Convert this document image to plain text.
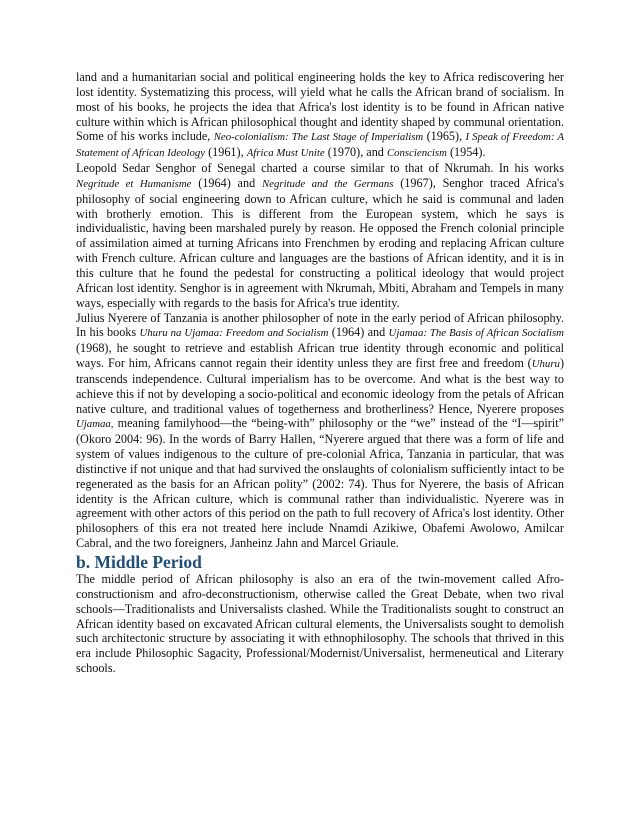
land and a humanitarian social and political engineering holds the key to Africa rediscovering her lost identity. Systematizing this process, will yield what he calls the African brand of socialism. In most of his books, he projects the idea that Africa's lost identity is to be found in African native culture within which is African philosophical thought and identity shaped by communal orientation. Some of his works include, Neo-colonialism: The Last Stage of Imperialism (1965), I Speak of Freedom: A Statement of African Ideology (1961), Africa Must Unite (1970), and Consciencism (1954).

Leopold Sedar Senghor of Senegal charted a course similar to that of Nkrumah. In his works Negritude et Humanisme (1964) and Negritude and the Germans (1967), Senghor traced Africa's philosophy of social engineering down to African culture, which he said is communal and laden with brotherly emotion. This is different from the European system, which he says is individualistic, having been marshaled purely by reason. He opposed the French colonial principle of assimilation aimed at turning Africans into Frenchmen by eroding and replacing African culture with French culture. African culture and languages are the bastions of African identity, and it is in this culture that he found the pedestal for constructing a political ideology that would project African lost identity. Senghor is in agreement with Nkrumah, Mbiti, Abraham and Tempels in many ways, especially with regards to the basis for Africa's true identity.

Julius Nyerere of Tanzania is another philosopher of note in the early period of African philosophy. In his books Uhuru na Ujamaa: Freedom and Socialism (1964) and Ujamaa: The Basis of African Socialism (1968), he sought to retrieve and establish African true identity through economic and political ways. For him, Africans cannot regain their identity unless they are first free and freedom (Uhuru) transcends independence. Cultural imperialism has to be overcome. And what is the best way to achieve this if not by developing a socio-political and economic ideology from the petals of African native culture, and traditional values of togetherness and brotherliness? Hence, Nyerere proposes Ujamaa, meaning familyhood—the “being-with” philosophy or the “we” instead of the “I—spirit” (Okoro 2004: 96). In the words of Barry Hallen, “Nyerere argued that there was a form of life and system of values indigenous to the culture of pre-colonial Africa, Tanzania in particular, that was distinctive if not unique and that had survived the onslaughts of colonialism sufficiently intact to be regenerated as the basis for an African polity” (2002: 74). Thus for Nyerere, the basis of African identity is the African culture, which is communal rather than individualistic. Nyerere was in agreement with other actors of this period on the path to full recovery of Africa's lost identity. Other philosophers of this era not treated here include Nnamdi Azikiwe, Obafemi Awolowo, Amilcar Cabral, and the two foreigners, Janheinz Jahn and Marcel Griaule.

b. Middle Period

The middle period of African philosophy is also an era of the twin-movement called Afro-constructionism and afro-deconstructionism, otherwise called the Great Debate, when two rival schools—Traditionalists and Universalists clashed. While the Traditionalists sought to construct an African identity based on excavated African cultural elements, the Universalists sought to demolish such architectonic structure by associating it with ethnophilosophy. The schools that thrived in this era include Philosophic Sagacity, Professional/Modernist/Universalist, hermeneutical and Literary schools.
